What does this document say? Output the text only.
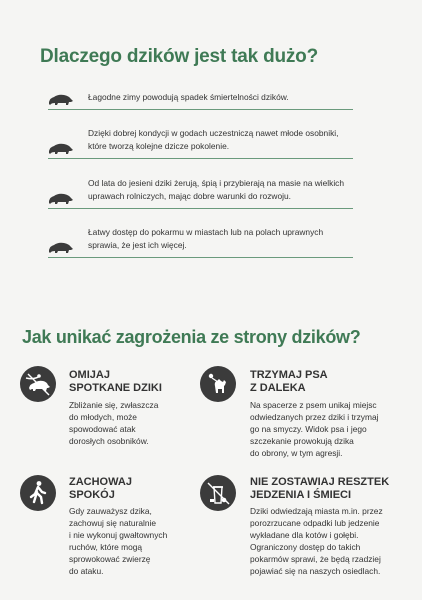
Dlaczego dzików jest tak dużo?
Łagodne zimy powodują spadek śmiertelności dzików.
Dzięki dobrej kondycji w godach uczestniczą nawet młode osobniki,
które tworzą kolejne dzicze pokolenie.
Od lata do jesieni dziki żerują, śpią i przybierają na masie na wielkich
uprawach rolniczych, mając dobre warunki do rozwoju.
Łatwy dostęp do pokarmu w miastach lub na polach uprawnych
sprawia, że jest ich więcej.
Jak unikać zagrożenia ze strony dzików?
OMIJAJ
SPOTKANE DZIKI
Zbliżanie się, zwłaszcza
do młodych, może
spowodować atak
dorosłych osobników.
TRZYMAJ PSA
Z DALEKA
Na spacerze z psem unikaj miejsc
odwiedzanych przez dziki i trzymaj
go na smyczy. Widok psa i jego
szczekanie prowokują dzika
do obrony, w tym agresji.
ZACHOWAJ
SPOKÓJ
Gdy zauważysz dzika,
zachowuj się naturalnie
i nie wykonuj gwałtownych
ruchów, które mogą
sprowokować zwierzę
do ataku.
NIE ZOSTAWIAJ RESZTEK
JEDZENIA I ŚMIECI
Dziki odwiedzają miasta m.in. przez
porozrzucane odpadki lub jedzenie
wykładane dla kotów i gołębi.
Ograniczony dostęp do takich
pokarmów sprawi, że będą rzadziej
pojawiać się na naszych osiedlach.
